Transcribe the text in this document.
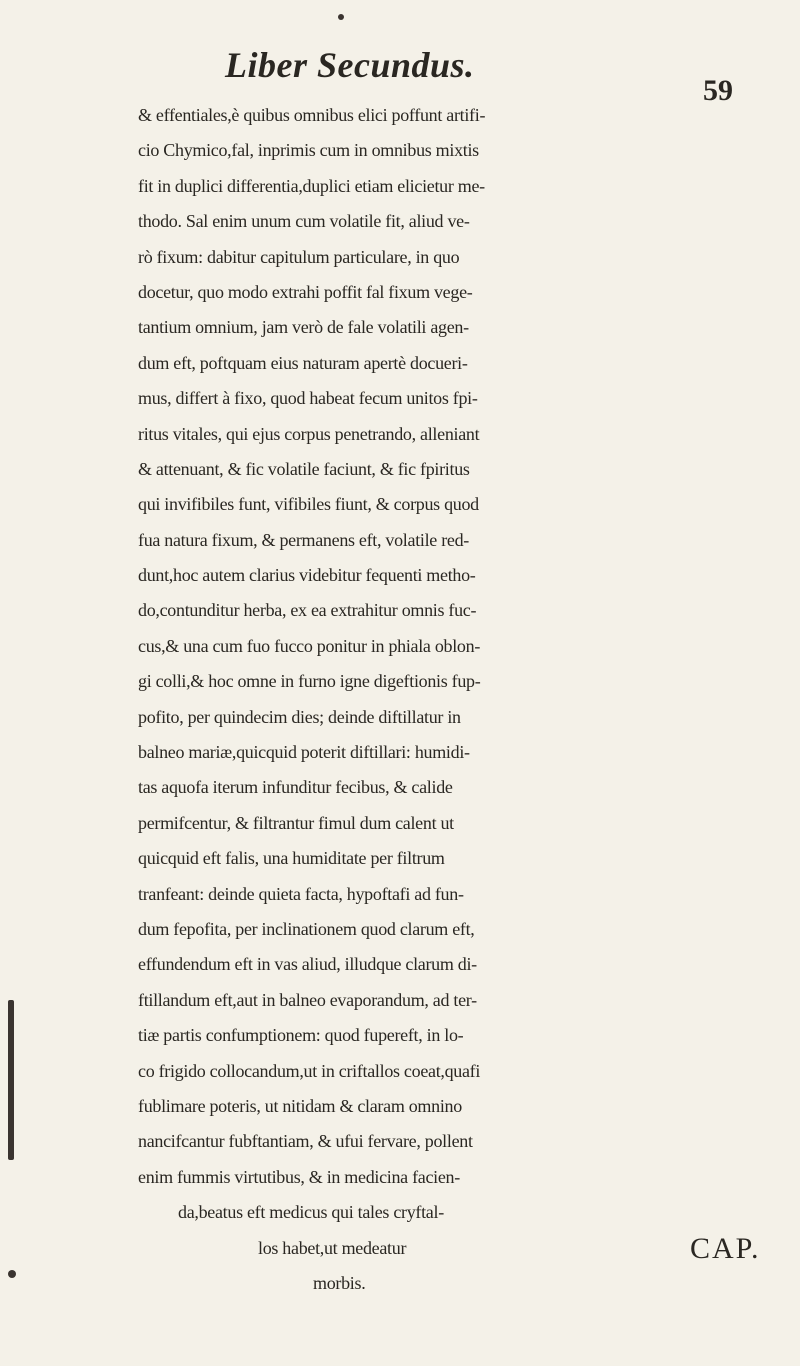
Liber Secundus.
59
& effentiales,è quibus omnibus elici poffunt artifi-
cio Chymico,fal, inprimis cum in omnibus mixtis
fit in duplici differentia,duplici etiam elicietur me-
thodo. Sal enim unum cum volatile fit, aliud ve-
rò fixum: dabitur capitulum particulare, in quo
docetur, quo modo extrahi poffit fal fixum vege-
tantium omnium, jam verò de fale volatili agen-
dum eft, poftquam eius naturam apertè docueri-
mus, differt à fixo, quod habeat fecum unitos fpi-
ritus vitales, qui ejus corpus penetrando, alleniant
& attenuant, & fic volatile faciunt, & fic fpiritus
qui invifibiles funt, vifibiles fiunt, & corpus quod
fua natura fixum, & permanens eft, volatile red-
dunt,hoc autem clarius videbitur fequenti metho-
do,contunditur herba, ex ea extrahitur omnis fuc-
cus,& una cum fuo fucco ponitur in phiala oblon-
gi colli,& hoc omne in furno igne digeftionis fup-
pofito, per quindecim dies; deinde diftillatur in
balneo mariæ,quicquid poterit diftillari: humidi-
tas aquofa iterum infunditur fecibus, & calide
permifcentur, & filtrantur fimul dum calent ut
quicquid eft falis, una humiditate per filtrum
tranfeant: deinde quieta facta, hypoftafi ad fun-
dum fepofita, per inclinationem quod clarum eft,
effundendum eft in vas aliud, illudque clarum di-
ftillandum eft,aut in balneo evaporandum, ad ter-
tiæ partis confumptionem: quod fupereft, in lo-
co frigido collocandum,ut in criftallos coeat,quafi
fublimare poteris, ut nitidam & claram omnino
nancifcantur fubftantiam, & ufui fervare, pollent
enim fummis virtutibus, & in medicina facien-
da,beatus eft medicus qui tales cryftal-
los habet,ut medeatur
morbis.
CAP.
